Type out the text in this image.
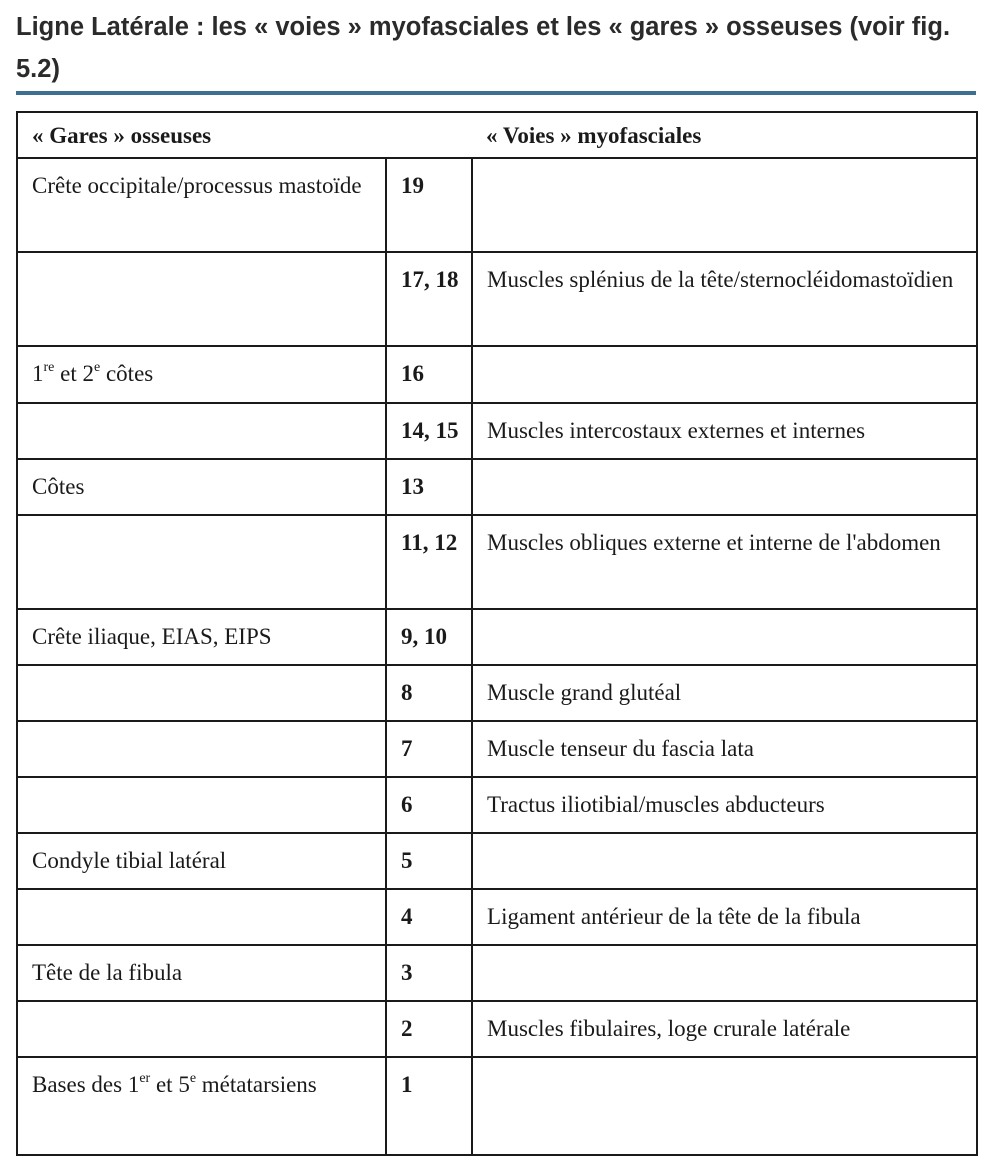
Ligne Latérale : les « voies » myofasciales et les « gares » osseuses (voir fig. 5.2)
« Gares » osseuses		« Voies » myofasciales

Crête occipitale/processus mastoïde	19	
	17, 18	Muscles splénius de la tête/sternocléidomastoïdien

1re et 2e côtes	16	
	14, 15	Muscles intercostaux externes et internes
Côtes	13	
	11, 12	Muscles obliques externe et interne de l'abdomen

Crête iliaque, EIAS, EIPS	9, 10	
	8	Muscle grand glutéal
	7	Muscle tenseur du fascia lata
	6	Tractus iliotibial/muscles abducteurs
Condyle tibial latéral	5	
	4	Ligament antérieur de la tête de la fibula
Tête de la fibula	3	
	2	Muscles fibulaires, loge crurale latérale

Bases des 1er et 5e métatarsiens	1	
